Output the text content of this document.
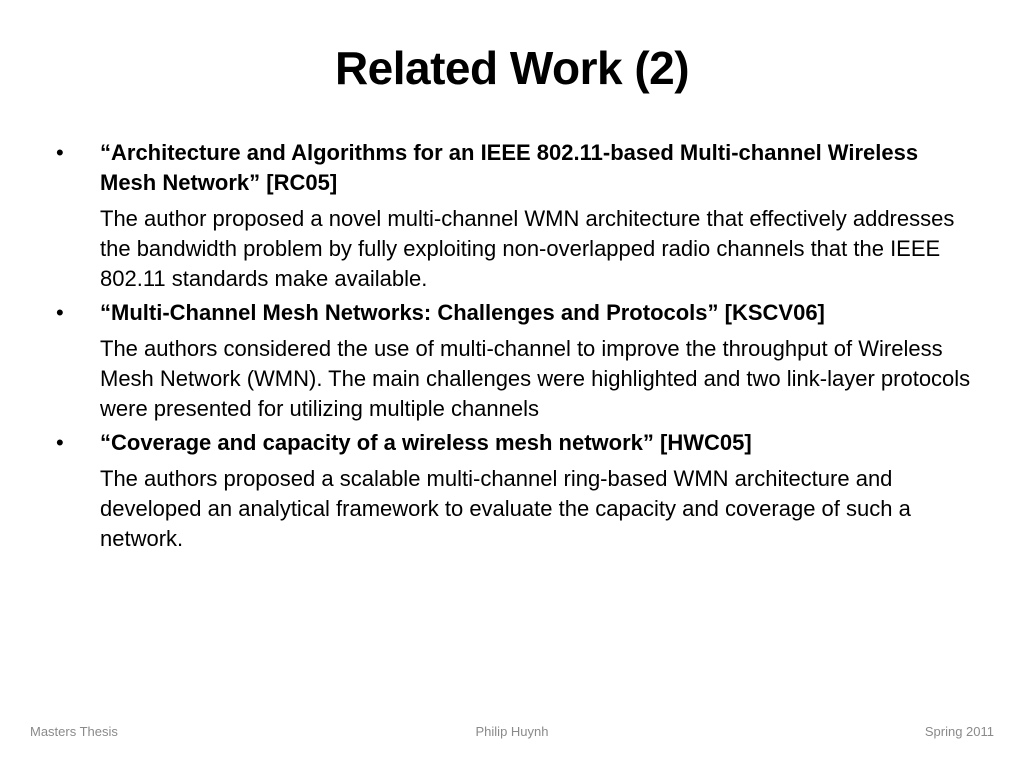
Related Work (2)
• “Architecture and Algorithms for an IEEE 802.11-based Multi-channel Wireless Mesh Network” [RC05]
The author proposed a novel multi-channel WMN architecture that effectively addresses the bandwidth problem by fully exploiting non-overlapped radio channels that the IEEE 802.11 standards make available.
• “Multi-Channel Mesh Networks: Challenges and Protocols” [KSCV06]
The authors considered the use of multi-channel to improve the throughput of Wireless Mesh Network (WMN). The main challenges were highlighted and two link-layer protocols were presented for utilizing multiple channels
• “Coverage and capacity of a wireless mesh network” [HWC05]
The authors proposed a scalable multi-channel ring-based WMN architecture and developed an analytical framework to evaluate the capacity and coverage of such a network.
Masters Thesis	Philip Huynh	Spring 2011
